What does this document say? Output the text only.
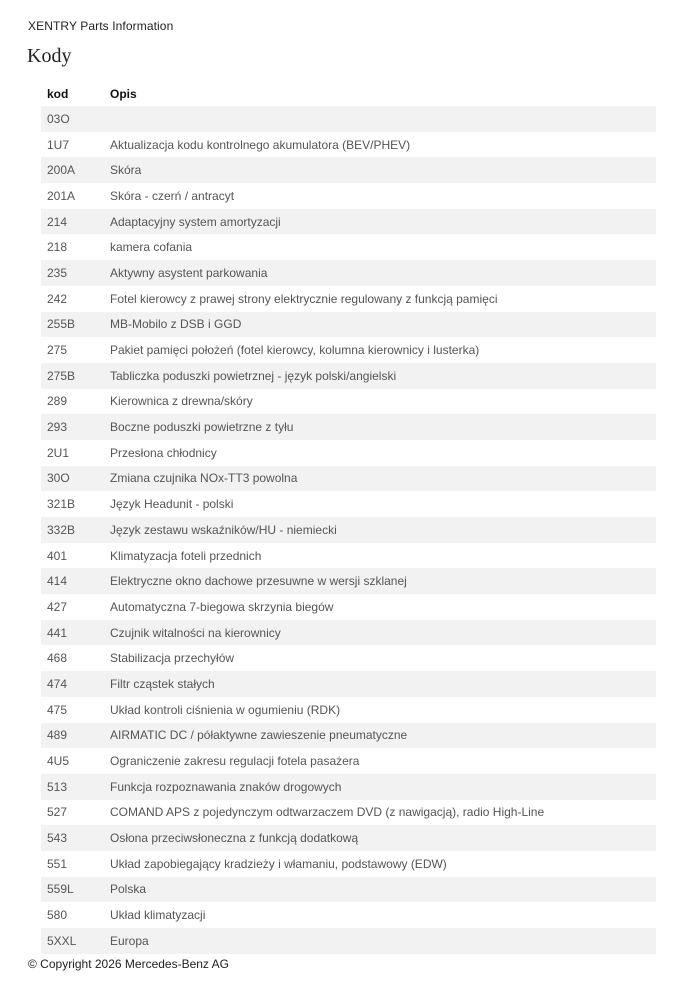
XENTRY Parts Information
Kody
kod	Opis
03O	
1U7	Aktualizacja kodu kontrolnego akumulatora (BEV/PHEV)
200A	Skóra
201A	Skóra - czerń / antracyt
214	Adaptacyjny system amortyzacji
218	kamera cofania
235	Aktywny asystent parkowania
242	Fotel kierowcy z prawej strony elektrycznie regulowany z funkcją pamięci
255B	MB-Mobilo z DSB i GGD
275	Pakiet pamięci położeń (fotel kierowcy, kolumna kierownicy i lusterka)
275B	Tabliczka poduszki powietrznej - język polski/angielski
289	Kierownica z drewna/skóry
293	Boczne poduszki powietrzne z tyłu
2U1	Przesłona chłodnicy
30O	Zmiana czujnika NOx-TT3 powolna
321B	Język Headunit - polski
332B	Język zestawu wskaźników/HU - niemiecki
401	Klimatyzacja foteli przednich
414	Elektryczne okno dachowe przesuwne w wersji szklanej
427	Automatyczna 7-biegowa skrzynia biegów
441	Czujnik witalności na kierownicy
468	Stabilizacja przechyłów
474	Filtr cząstek stałych
475	Układ kontroli ciśnienia w ogumieniu (RDK)
489	AIRMATIC DC / półaktywne zawieszenie pneumatyczne
4U5	Ograniczenie zakresu regulacji fotela pasażera
513	Funkcja rozpoznawania znaków drogowych
527	COMAND APS z pojedynczym odtwarzaczem DVD (z nawigacją), radio High-Line
543	Osłona przeciwsłoneczna z funkcją dodatkową
551	Układ zapobiegający kradzieży i włamaniu, podstawowy (EDW)
559L	Polska
580	Układ klimatyzacji
5XXL	Europa
© Copyright 2026 Mercedes-Benz AG
